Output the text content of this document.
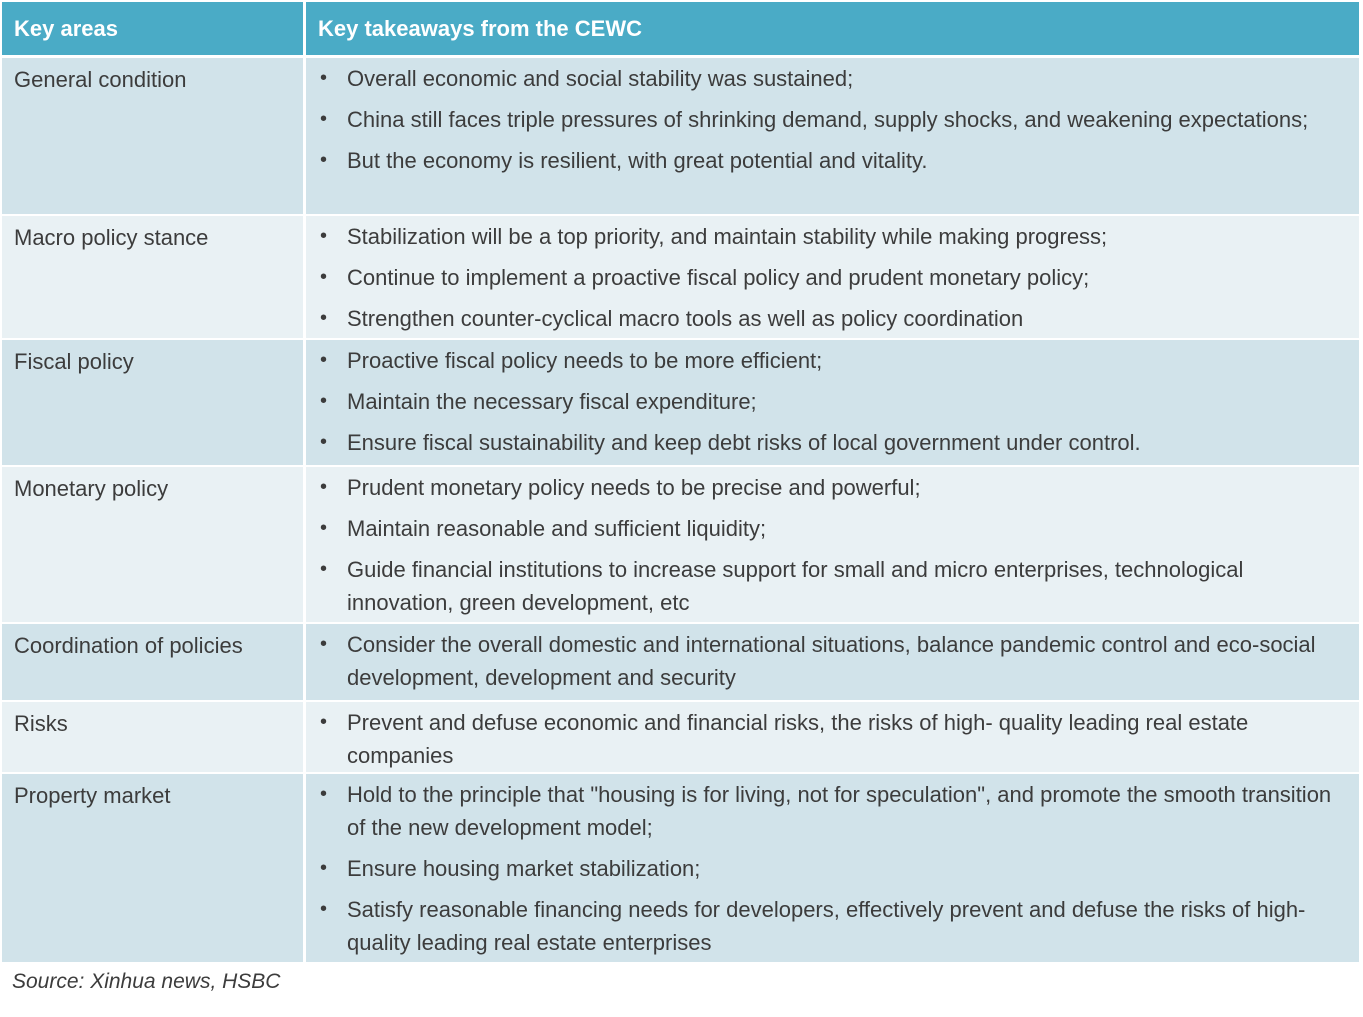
Key areas	Key takeaways from the CEWC
General condition	• Overall economic and social stability was sustained;
• China still faces triple pressures of shrinking demand, supply shocks, and weakening expectations;
• But the economy is resilient, with great potential and vitality.
Macro policy stance	• Stabilization will be a top priority, and maintain stability while making progress;
• Continue to implement a proactive fiscal policy and prudent monetary policy;
• Strengthen counter-cyclical macro tools as well as policy coordination
Fiscal policy	• Proactive fiscal policy needs to be more efficient;
• Maintain the necessary fiscal expenditure;
• Ensure fiscal sustainability and keep debt risks of local government under control.
Monetary policy	• Prudent monetary policy needs to be precise and powerful;
• Maintain reasonable and sufficient liquidity;
• Guide financial institutions to increase support for small and micro enterprises, technological innovation, green development, etc
Coordination of policies	• Consider the overall domestic and international situations, balance pandemic control and eco-social development, development and security
Risks	• Prevent and defuse economic and financial risks, the risks of high- quality leading real estate companies
Property market	• Hold to the principle that "housing is for living, not for speculation", and promote the smooth transition of the new development model;
• Ensure housing market stabilization;
• Satisfy reasonable financing needs for developers, effectively prevent and defuse the risks of high-quality leading real estate enterprises
Source: Xinhua news, HSBC
